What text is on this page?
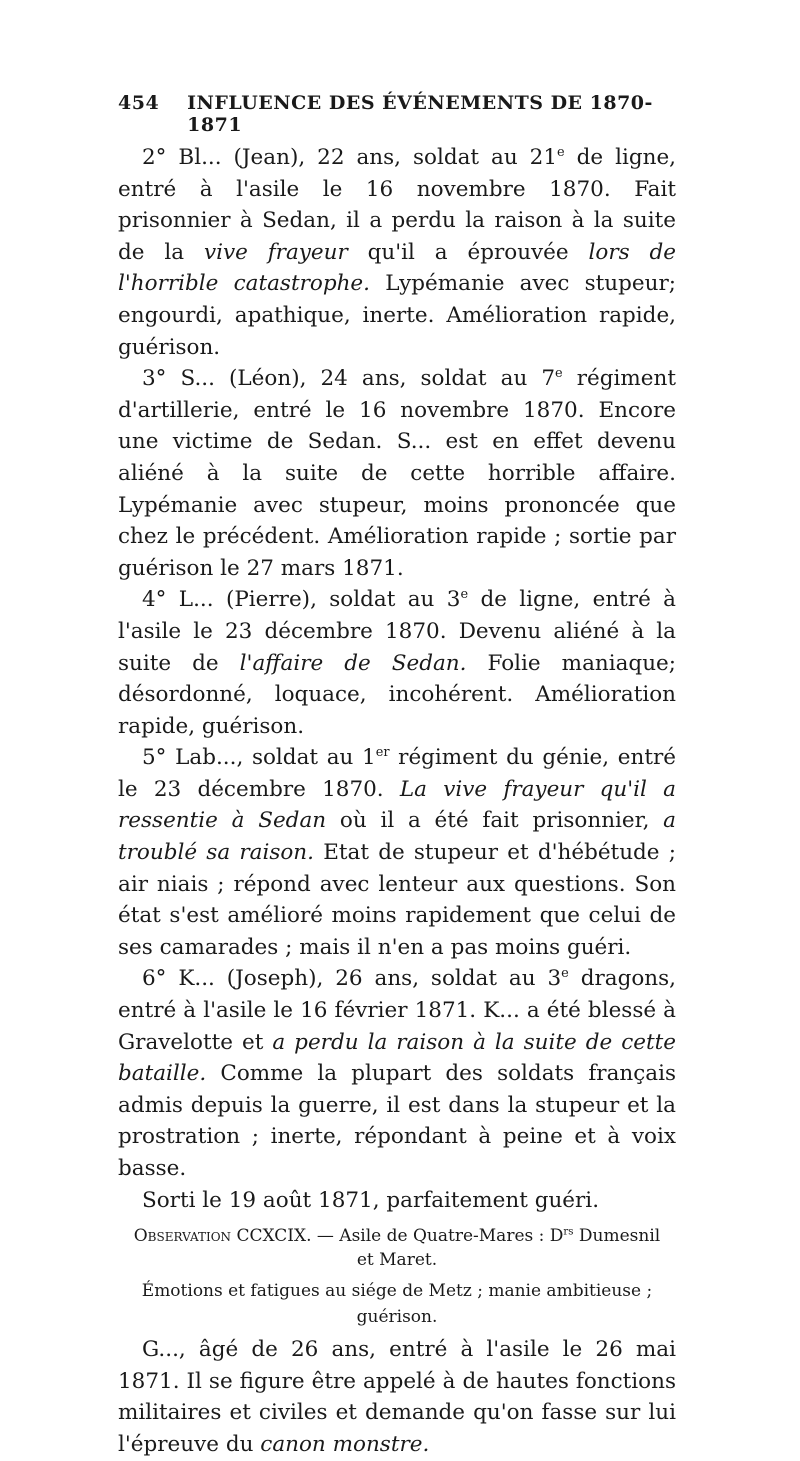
454 INFLUENCE DES ÉVÉNEMENTS DE 1870-1871

2° Bl... (Jean), 22 ans, soldat au 21e de ligne, entré à l'asile le 16 novembre 1870. Fait prisonnier à Sedan, il a perdu la raison à la suite de la vive frayeur qu'il a éprouvée lors de l'horrible catastrophe. Lypémanie avec stupeur; engourdi, apathique, inerte. Amélioration rapide, guérison.

3° S... (Léon), 24 ans, soldat au 7e régiment d'artillerie, entré le 16 novembre 1870. Encore une victime de Sedan. S... est en effet devenu aliéné à la suite de cette horrible affaire. Lypémanie avec stupeur, moins prononcée que chez le précédent. Amélioration rapide ; sortie par guérison le 27 mars 1871.

4° L... (Pierre), soldat au 3e de ligne, entré à l'asile le 23 décembre 1870. Devenu aliéné à la suite de l'affaire de Sedan. Folie maniaque; désordonné, loquace, incohérent. Amélioration rapide, guérison.

5° Lab..., soldat au 1er régiment du génie, entré le 23 décembre 1870. La vive frayeur qu'il a ressentie à Sedan où il a été fait prisonnier, a troublé sa raison. Etat de stupeur et d'hébétude ; air niais ; répond avec lenteur aux questions. Son état s'est amélioré moins rapidement que celui de ses camarades ; mais il n'en a pas moins guéri.

6° K... (Joseph), 26 ans, soldat au 3e dragons, entré à l'asile le 16 février 1871. K... a été blessé à Gravelotte et a perdu la raison à la suite de cette bataille. Comme la plupart des soldats français admis depuis la guerre, il est dans la stupeur et la prostration ; inerte, répondant à peine et à voix basse.

Sorti le 19 août 1871, parfaitement guéri.

Observation CCXCIX. — Asile de Quatre-Mares : $D^{rs}$ Dumesnil
et Maret.
Émotions et fatigues au siége de Metz ; manie ambitieuse ; guérison.

G..., âgé de 26 ans, entré à l'asile le 26 mai 1871. Il se figure être appelé à de hautes fonctions militaires et civiles et demande qu'on fasse sur lui l'épreuve du canon monstre.
